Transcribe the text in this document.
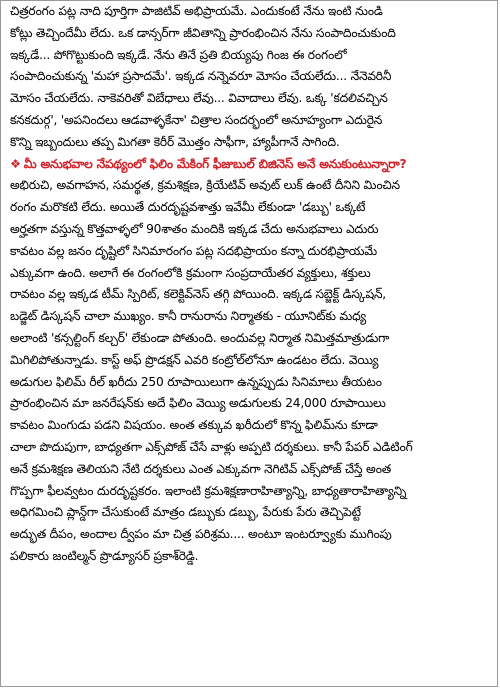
చిత్రరంగం పట్ల నాది పూర్తిగా పాజిటివ్ అభిప్రాయమే. ఎందుకంటే నేను ఇంటి నుండి
కోట్లు తెచ్చిందేమీ లేదు. ఒక డాన్సర్‌గా జీవితాన్ని ప్రారంభించిన నేను సంపాదించుకుంది
ఇక్కడే... పోగొట్టుకుంది ఇక్కడే. నేను తినే ప్రతి బియ్యపు గింజ ఈ రంగంలో
సంపాదించుకున్న 'మహా ప్రసాదమే'. ఇక్కడ నన్నెవరూ మోసం చేయలేదు... నేనెవరినీ
మోసం చేయలేదు. నాకెవరితో విబేధాలు లేవు... వివాదాలు లేవు. ఒక్క 'కదలివచ్చిన
కనకదుర్గ', 'అపనిందలు ఆడవాళ్ళకేనా' చిత్రాల సందర్భంలో అనూహ్యంగా ఎదురైన
కొన్ని ఇబ్బందులు తప్ప మిగతా కెరీర్ మొత్తం సాఫీగా, హ్యాపీగానే సాగింది.
❖ మీ అనుభవాల నేపథ్యంలో ఫిలిం మేకింగ్ ఫీజుబుల్ బిజినెస్ అనే అనుకుంటున్నారా?
అభిరుచి, అవగాహన, సమర్థత, క్రమశిక్షణ, క్రియేటివ్ అవుట్ లుక్ ఉంటే దీనిని మించిన
రంగం మరొకటి లేదు. అయితే దురదృష్టవశాత్తు ఇవేమీ లేకుండా 'డబ్బు' ఒక్కటే
అర్హతగా వస్తున్న కొత్తవాళ్ళలో 90శాతం మందికి ఇక్కడ చేదు అనుభవాలు ఎదురు
కావటం వల్ల జనం దృష్టిలో సినిమారంగం పట్ల సదభిప్రాయం కన్నా దురభిప్రాయమే
ఎక్కువగా ఉంది. అలాగే ఈ రంగంలోకి క్రమంగా సంప్రదాయేతర వ్యక్తులు, శక్తులు
రావటం వల్ల ఇక్కడ టీమ్ స్పిరిట్, కలెక్టివ్‌నెస్ తగ్గి పోయింది. ఇక్కడ సబ్జెక్ట్ డిస్కషన్,
బడ్జెట్ డిస్కషన్ చాలా ముఖ్యం. కానీ రానురాను నిర్మాతకు - యూనిట్‌కు మధ్య
అలాంటి 'కన్సల్టింగ్ కల్చర్' లేకుండా పోతుంది. అందువల్ల నిర్మాత నిమిత్తమాత్రుడుగా
మిగిలిపోతున్నాడు. కాస్ట్ అఫ్ ప్రొడక్షన్ ఎవరి కంట్రోల్‌లోనూ ఉండటం లేదు. వెయ్యి
అడుగుల ఫిలిమ్ రీల్ ఖరీదు 250 రూపాయిలుగా ఉన్నప్పుడు సినిమాలు తీయటం
ప్రారంభించిన మా జనరేషన్‌కు అదే ఫిలిం వెయ్యి అడుగులకు 24,000 రూపాయిలు
కావటం మింగుడు పడని విషయం. అంత తక్కువ ఖరీదులో కొన్న ఫిలిమ్‌ను కూడా
చాలా పొదుపుగా, బాధ్యతగా ఎక్స్‌పోజ్ చేసే వాళ్లు అప్పటి దర్శకులు. కానీ పేపర్ ఎడిటింగ్
అనే క్రమశిక్షణ తెలియని నేటి దర్శకులు ఎంత ఎక్కువగా నెగిటివ్ ఎక్స్‌పోజ్ చేస్తే అంత
గొప్పగా ఫీలవ్వటం దురదృష్టకరం. ఇలాంటి క్రమశిక్షణారాహిత్యాన్ని, బాధ్యతారాహిత్యాన్ని
అధిగమించి ప్లాన్డ్‌గా చేసుకుంటే మాత్రం డబ్బుకు డబ్బు, పేరుకు పేరు తెచ్చిపెట్టే
అద్భుత దీపం, అందాల ద్వీపం మా చిత్ర పరిశ్రమ.... అంటూ ఇంటర్వ్యూకు ముగింపు
పలికారు జంటిల్మన్ ప్రొడ్యూసర్ ప్రకాశ్‌రెడ్డి.
